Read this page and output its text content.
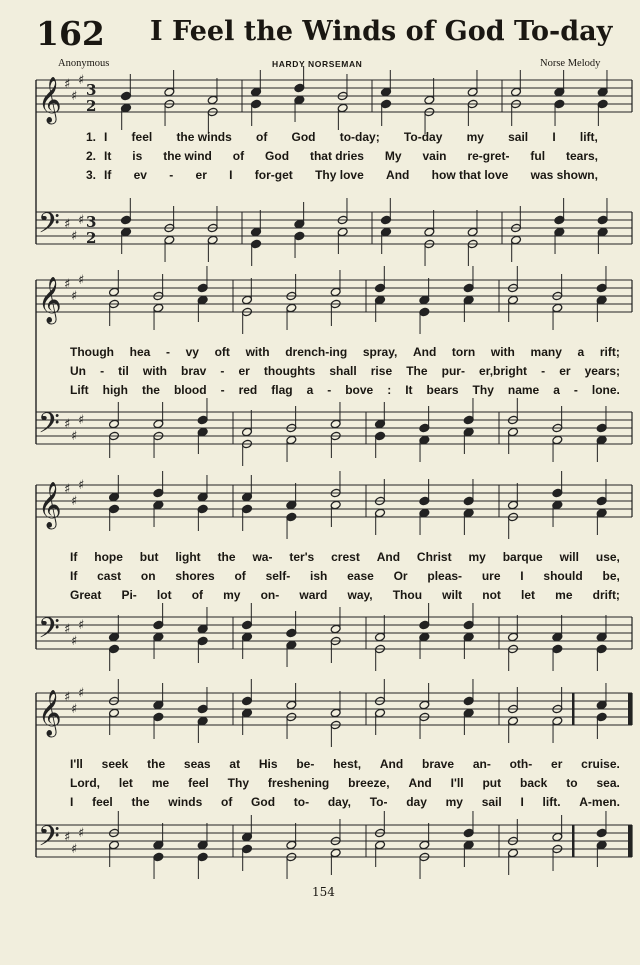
162 I Feel the Winds of God To-day
Anonymous	HARDY NORSEMAN	Norse Melody
𝄞
𝄢
♯
♯
♯
♯
♯
♯
3
2
3
2
𝄞
𝄢
♯
♯
♯
♯
♯
♯
𝄞
𝄢
♯
♯
♯
♯
♯
♯
𝄞
𝄢
♯
♯
♯
♯
♯
♯
1. I feel the winds of God to-day; To-day my sail I lift,
2. It is the wind of God that dries My vain re-gret- ful tears,
3. If ev - er I for-get Thy love And how that love was shown,
Though hea - vy oft with drench-ing spray, And torn with many a rift;
Un - til with brav - er thoughts shall rise The pur- er,bright - er years;
Lift high the blood - red flag a - bove : It bears Thy name a - lone.
If hope but light the wa- ter's crest And Christ my barque will use,
If cast on shores of self- ish ease Or pleas- ure I should be,
Great Pi- lot of my on- ward way, Thou wilt not let me drift;
I'll seek the seas at His be- hest, And brave an- oth- er cruise.
Lord, let me feel Thy freshening breeze, And I'll put back to sea.
I feel the winds of God to- day, To- day my sail I lift. A-men.
154
